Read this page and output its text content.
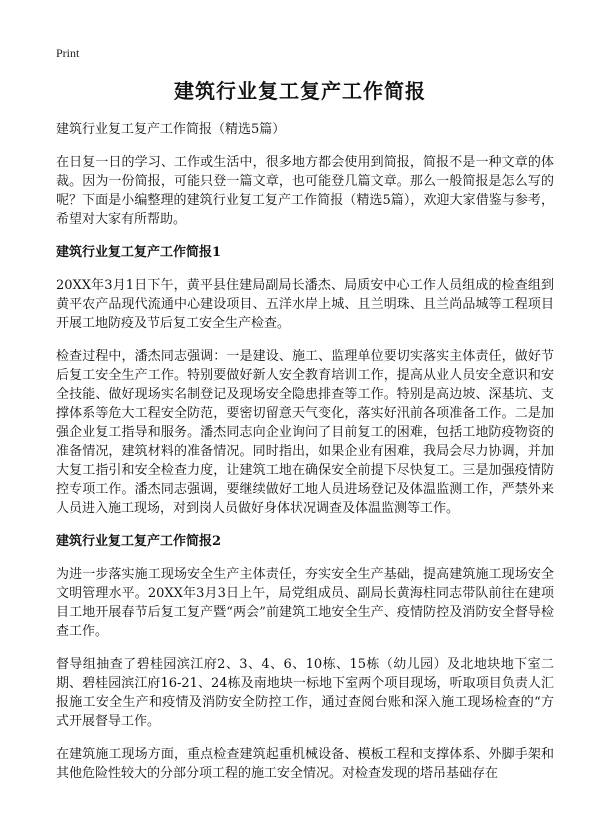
Print
建筑行业复工复产工作简报

建筑行业复工复产工作简报（精选5篇）

在日复一日的学习、工作或生活中，很多地方都会使用到简报，简报不是一种文章的体裁。因为一份简报，可能只登一篇文章，也可能登几篇文章。那么一般简报是怎么写的呢？下面是小编整理的建筑行业复工复产工作简报（精选5篇），欢迎大家借鉴与参考，希望对大家有所帮助。

建筑行业复工复产工作简报1

20XX年3月1日下午，黄平县住建局副局长潘杰、局质安中心工作人员组成的检查组到黄平农产品现代流通中心建设项目、五洋水岸上城、且兰明珠、且兰尚品城等工程项目开展工地防疫及节后复工安全生产检查。

检查过程中，潘杰同志强调：一是建设、施工、监理单位要切实落实主体责任，做好节后复工安全生产工作。特别要做好新人安全教育培训工作，提高从业人员安全意识和安全技能、做好现场实名制登记及现场安全隐患排查等工作。特别是高边坡、深基坑、支撑体系等危大工程安全防范，要密切留意天气变化，落实好汛前各项准备工作。二是加强企业复工指导和服务。潘杰同志向企业询问了目前复工的困难，包括工地防疫物资的准备情况，建筑材料的准备情况。同时指出，如果企业有困难，我局会尽力协调，并加大复工指引和安全检查力度，让建筑工地在确保安全前提下尽快复工。三是加强疫情防控专项工作。潘杰同志强调，要继续做好工地人员进场登记及体温监测工作，严禁外来人员进入施工现场，对到岗人员做好身体状况调查及体温监测等工作。

建筑行业复工复产工作简报2

为进一步落实施工现场安全生产主体责任，夯实安全生产基础，提高建筑施工现场安全文明管理水平。20XX年3月3日上午，局党组成员、副局长黄海柱同志带队前往在建项目工地开展春节后复工复产暨“两会”前建筑工地安全生产、疫情防控及消防安全督导检查工作。

督导组抽查了碧桂园滨江府2、3、4、6、10栋、15栋（幼儿园）及北地块地下室二期、碧桂园滨江府16-21、24栋及南地块一标地下室两个项目现场，听取项目负责人汇报施工安全生产和疫情及消防安全防控工作，通过查阅台账和深入施工现场检查的“方式开展督导工作。

在建筑施工现场方面，重点检查建筑起重机械设备、模板工程和支撑体系、外脚手架和其他危险性较大的分部分项工程的施工安全情况。对检查发现的塔吊基础存在
